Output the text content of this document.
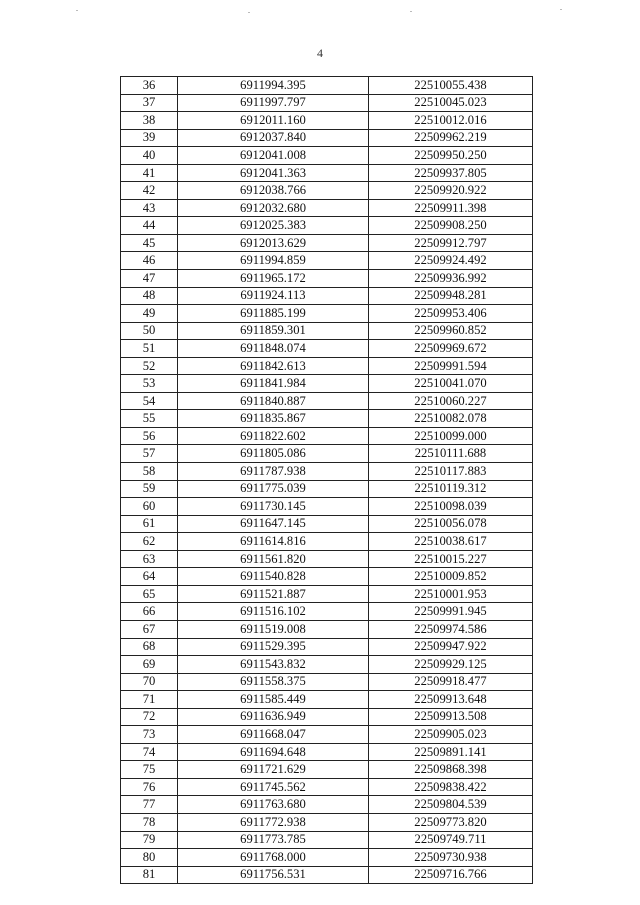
4
36	6911994.395	22510055.438
37	6911997.797	22510045.023
38	6912011.160	22510012.016
39	6912037.840	22509962.219
40	6912041.008	22509950.250
41	6912041.363	22509937.805
42	6912038.766	22509920.922
43	6912032.680	22509911.398
44	6912025.383	22509908.250
45	6912013.629	22509912.797
46	6911994.859	22509924.492
47	6911965.172	22509936.992
48	6911924.113	22509948.281
49	6911885.199	22509953.406
50	6911859.301	22509960.852
51	6911848.074	22509969.672
52	6911842.613	22509991.594
53	6911841.984	22510041.070
54	6911840.887	22510060.227
55	6911835.867	22510082.078
56	6911822.602	22510099.000
57	6911805.086	22510111.688
58	6911787.938	22510117.883
59	6911775.039	22510119.312
60	6911730.145	22510098.039
61	6911647.145	22510056.078
62	6911614.816	22510038.617
63	6911561.820	22510015.227
64	6911540.828	22510009.852
65	6911521.887	22510001.953
66	6911516.102	22509991.945
67	6911519.008	22509974.586
68	6911529.395	22509947.922
69	6911543.832	22509929.125
70	6911558.375	22509918.477
71	6911585.449	22509913.648
72	6911636.949	22509913.508
73	6911668.047	22509905.023
74	6911694.648	22509891.141
75	6911721.629	22509868.398
76	6911745.562	22509838.422
77	6911763.680	22509804.539
78	6911772.938	22509773.820
79	6911773.785	22509749.711
80	6911768.000	22509730.938
81	6911756.531	22509716.766
